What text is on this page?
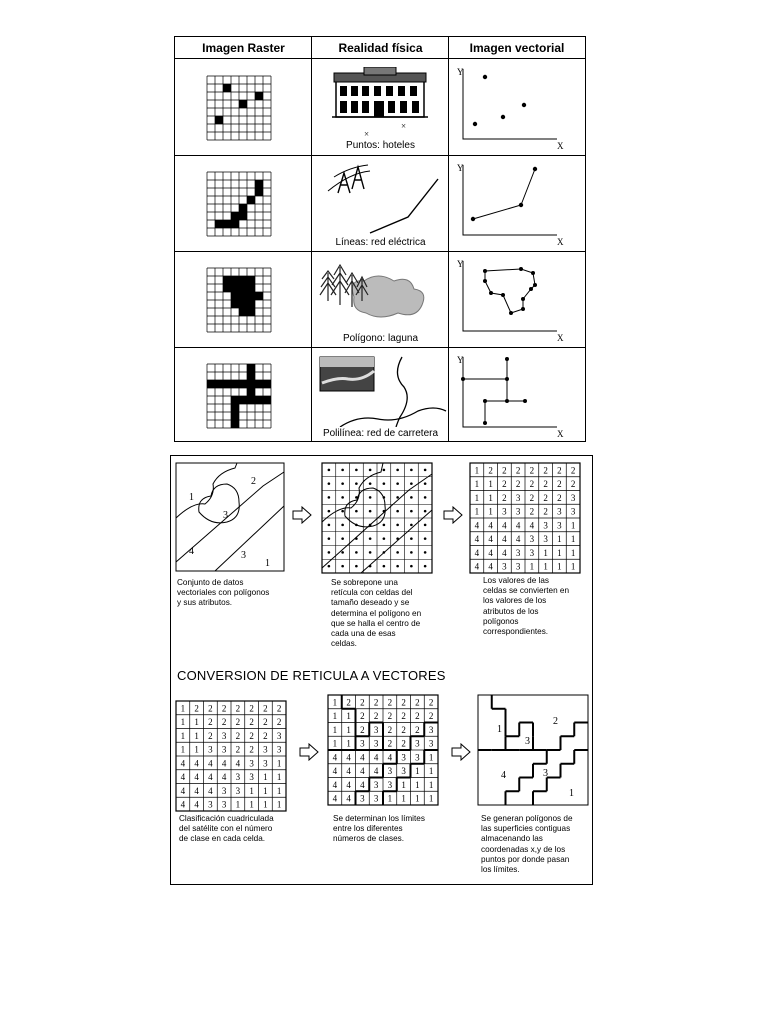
Imagen Raster	Realidad física	Imagen vectorial
×
×
Puntos: hoteles
Y
X
Líneas: red eléctrica
Y
X
Polígono: laguna
Y
X
Polilínea: red de carretera
Y
X
1
2
3
4	3
1
Conjunto de datos
vectoriales con polígonos
y sus atributos.
Se sobrepone una
retícula con celdas del
tamaño deseado y se
determina el polígono en
que se halla el centro de
cada una de esas
celdas.
1 2 2 2 2 2 2 2
1 1 2 2 2 2 2 2
1 1 2 3 2 2 2 3
1 1 3 3 2 2 3 3
4 4 4 4 4 3 3 1
4 4 4 4 3 3 1 1
4 4 4 3 3 1 1 1
4 4 3 3 1 1 1 1
Los valores de las
celdas se convierten en
los valores de los
atributos de los
polígonos
correspondientes.
CONVERSION DE RETICULA A VECTORES
1 2 2 2 2 2 2 2
1 1 2 2 2 2 2 2
1 1 2 3 2 2 2 3
1 1 3 3 2 2 3 3
4 4 4 4 4 3 3 1
4 4 4 4 3 3 1 1
4 4 4 3 3 1 1 1
4 4 3 3 1 1 1 1
Clasificación cuadriculada
del satélite con el número
de clase en cada celda.
1 2 2 2 2 2 2 2
1 1 2 2 2 2 2 2
1 1 2 3 2 2 2 3
1 1 3 3 2 2 3 3
4 4 4 4 4 3 3 1
4 4 4 4 3 3 1 1
4 4 4 3 3 1 1 1
4 4 3 3 1 1 1 1
Se determinan los límites
entre los diferentes
números de clases.
1
2
3
4	3
1
Se generan polígonos de
las superficies contiguas
almacenando las
coordenadas x,y de los
puntos por donde pasan
los límites.
